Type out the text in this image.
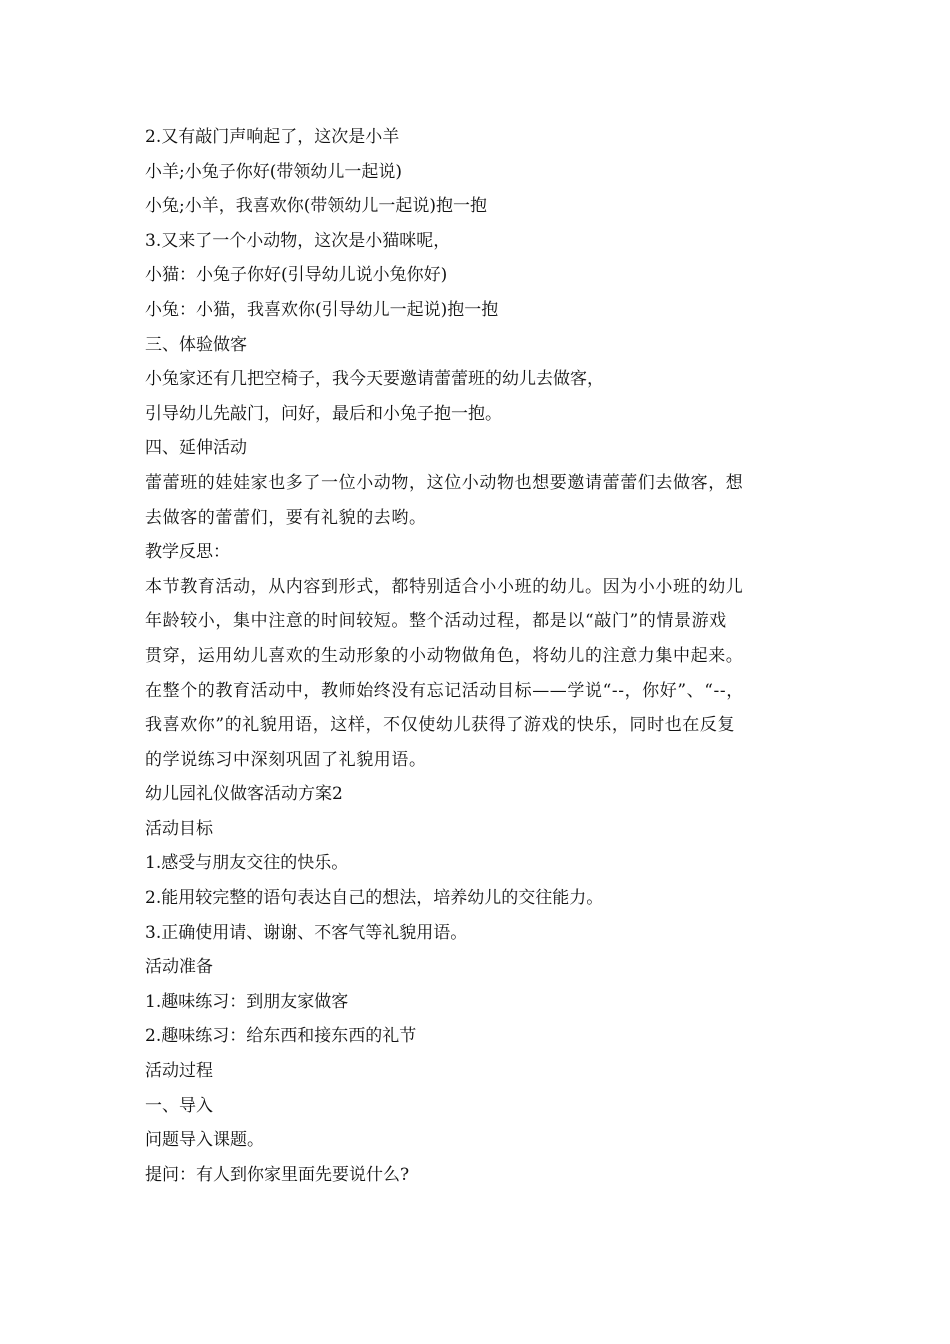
2.又有敲门声响起了，这次是小羊
小羊;小兔子你好(带领幼儿一起说)
小兔;小羊，我喜欢你(带领幼儿一起说)抱一抱
3.又来了一个小动物，这次是小猫咪呢，
小猫：小兔子你好(引导幼儿说小兔你好)
小兔：小猫，我喜欢你(引导幼儿一起说)抱一抱
三、体验做客
小兔家还有几把空椅子，我今天要邀请蕾蕾班的幼儿去做客，
引导幼儿先敲门，问好，最后和小兔子抱一抱。
四、延伸活动
蕾蕾班的娃娃家也多了一位小动物，这位小动物也想要邀请蕾蕾们去做客，想
去做客的蕾蕾们，要有礼貌的去哟。
教学反思：
本节教育活动，从内容到形式，都特别适合小小班的幼儿。因为小小班的幼儿
年龄较小，集中注意的时间较短。整个活动过程，都是以“敲门”的情景游戏
贯穿，运用幼儿喜欢的生动形象的小动物做角色，将幼儿的注意力集中起来。
在整个的教育活动中，教师始终没有忘记活动目标——学说“--，你好”、“--，
我喜欢你”的礼貌用语，这样，不仅使幼儿获得了游戏的快乐，同时也在反复
的学说练习中深刻巩固了礼貌用语。
幼儿园礼仪做客活动方案2
活动目标
1.感受与朋友交往的快乐。
2.能用较完整的语句表达自己的想法，培养幼儿的交往能力。
3.正确使用请、谢谢、不客气等礼貌用语。
活动准备
1.趣味练习：到朋友家做客
2.趣味练习：给东西和接东西的礼节
活动过程
一、导入
问题导入课题。
提问：有人到你家里面先要说什么?
